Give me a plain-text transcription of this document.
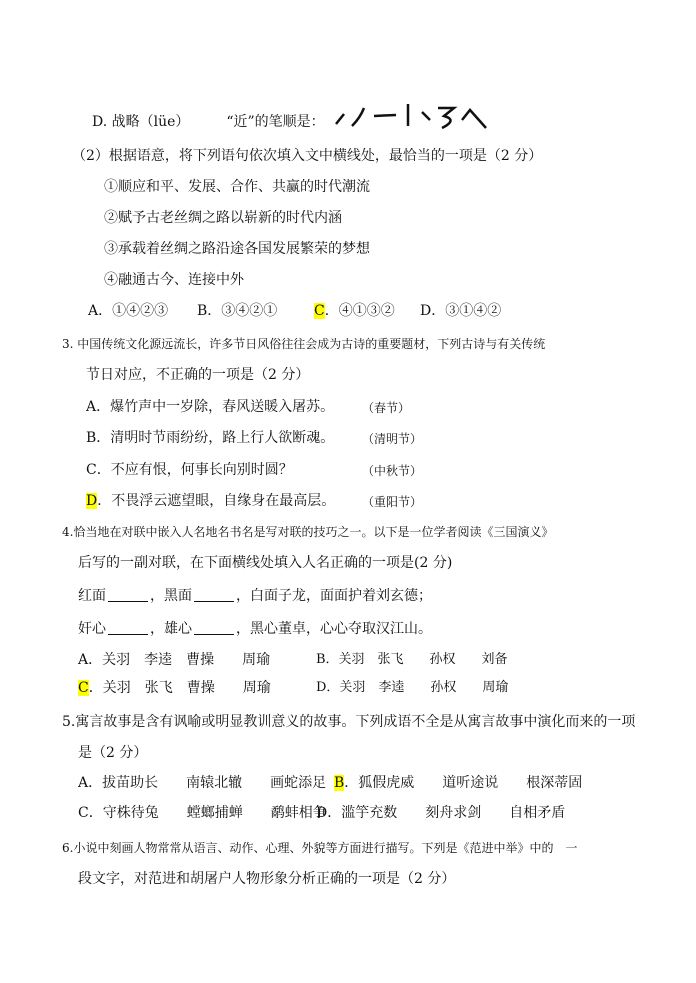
D. 战略（lüe）	“近”的笔顺是：
（2）根据语意，将下列语句依次填入文中横线处，最恰当的一项是（2 分）
①顺应和平、发展、合作、共赢的时代潮流
②赋予古老丝绸之路以崭新的时代内涵
③承载着丝绸之路沿途各国发展繁荣的梦想
④融通古今、连接中外
A．①④②③ B．③④②①	C．④①③② D．③①④②
3. 中国传统文化源远流长，许多节日风俗往往会成为古诗的重要题材，下列古诗与有关传统
节日对应，不正确的一项是（2 分）
A．爆竹声中一岁除，春风送暖入屠苏。 （春节）
B．清明时节雨纷纷，路上行人欲断魂。 （清明节）
C．不应有恨，何事长向别时圆？	（中秋节）
D．不畏浮云遮望眼，自缘身在最高层。 （重阳节）
4.恰当地在对联中嵌入人名地名书名是写对联的技巧之一。以下是一位学者阅读《三国演义》
后写的一副对联，在下面横线处填入人名正确的一项是(2 分)
红面	，黑面	，白面子龙，面面护着刘玄德；
奸心	，雄心	，黑心董卓，心心夺取汉江山。
A．关羽　李逵　曹操　　周瑜	B．关羽　张飞　　孙权　　刘备
C．关羽　张飞　曹操　　周瑜	D．关羽　李逵　　孙权　　周瑜
5.寓言故事是含有讽喻或明显教训意义的故事。下列成语不全是从寓言故事中演化而来的一项
是（2 分）
A．拔苗助长　　南辕北辙　　画蛇添足 B．狐假虎威　　道听途说　　根深蒂固
C．守株待兔　　螳螂捕蝉　　鹬蚌相争
D．滥竽充数　　刻舟求剑　　自相矛盾
6.小说中刻画人物常常从语言、动作、心理、外貌等方面进行描写。下列是《范进中举》中的　一
段文字，对范进和胡屠户人物形象分析正确的一项是（2 分）
